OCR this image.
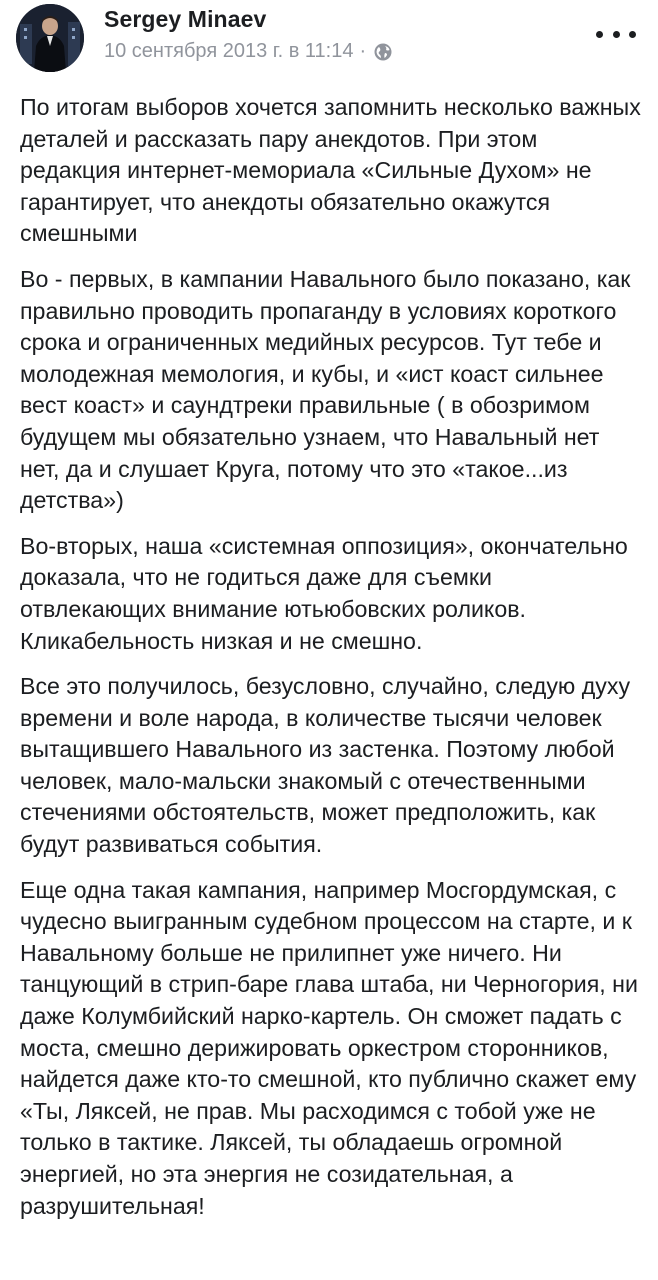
Sergey Minaev
10 сентября 2013 г. в 11:14 ·

По итогам выборов хочется запомнить несколько важных деталей и рассказать пару анекдотов. При этом редакция интернет-мемориала «Сильные Духом» не гарантирует, что анекдоты обязательно окажутся смешными

Во - первых, в кампании Навального было показано, как правильно проводить пропаганду в условиях короткого срока и ограниченных медийных ресурсов. Тут тебе и молодежная мемология, и кубы, и «ист коаст сильнее вест коаст» и саундтреки правильные ( в обозримом будущем мы обязательно узнаем, что Навальный нет нет, да и слушает Круга, потому что это «такое...из детства»)

Во-вторых, наша «системная оппозиция», окончательно доказала, что не годиться даже для съемки отвлекающих внимание ютьюбовских роликов. Кликабельность низкая и не смешно.

Все это получилось, безусловно, случайно, следую духу времени и воле народа, в количестве тысячи человек вытащившего Навального из застенка. Поэтому любой человек, мало-мальски знакомый с отечественными стечениями обстоятельств, может предположить, как будут развиваться события.

Еще одна такая кампания, например Мосгордумская, с чудесно выигранным судебном процессом на старте, и к Навальному больше не прилипнет уже ничего. Ни танцующий в стрип-баре глава штаба, ни Черногория, ни даже Колумбийский нарко-картель. Он сможет падать с моста, смешно дерижировать оркестром сторонников, найдется даже кто-то смешной, кто публично скажет ему «Ты, Ляксей, не прав. Мы расходимся с тобой уже не только в тактике. Ляксей, ты обладаешь огромной энергией, но эта энергия не созидательная, а разрушительная!
